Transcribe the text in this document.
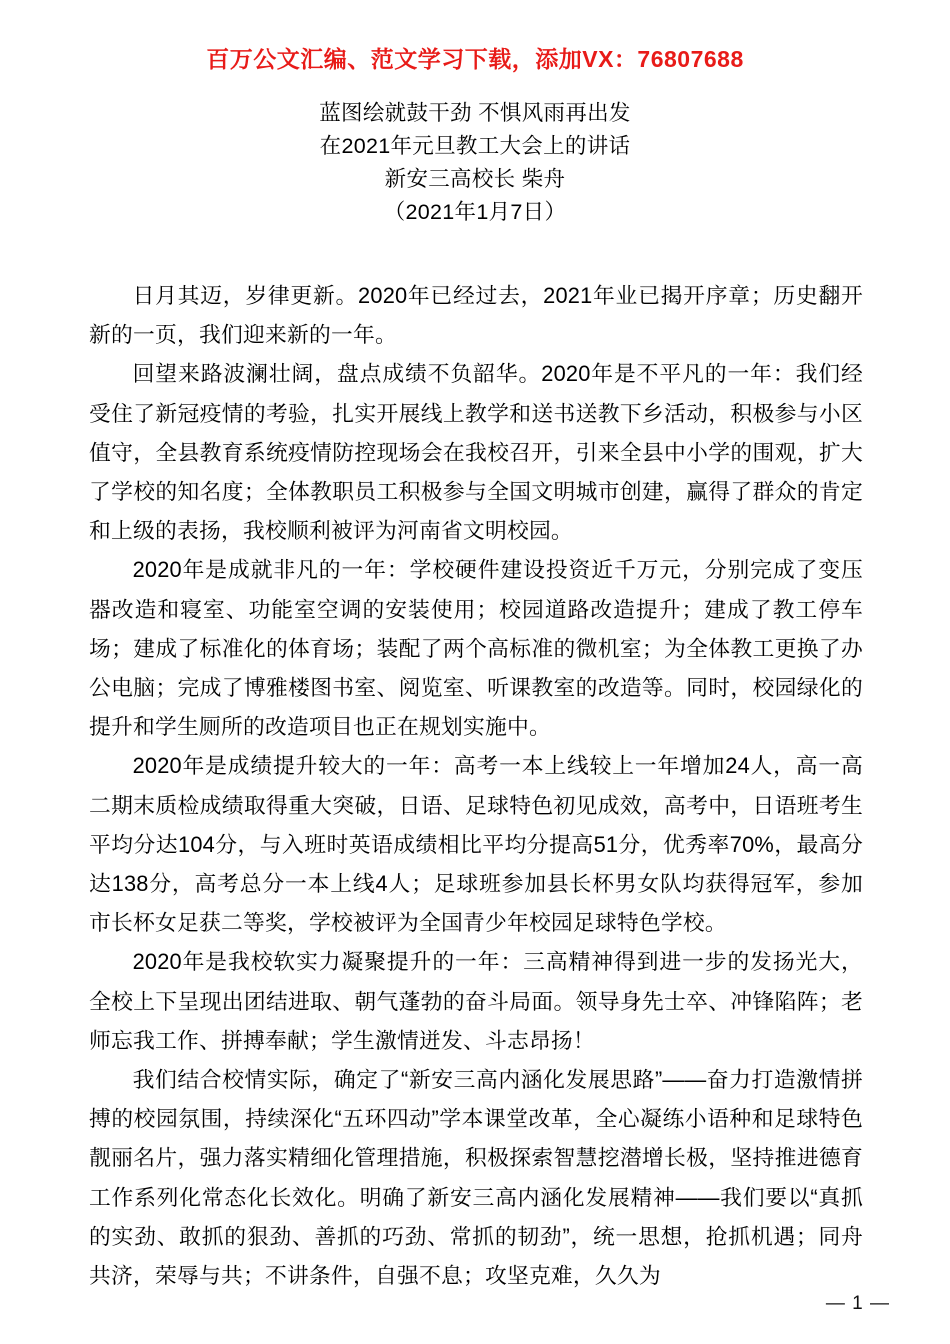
百万公文汇编、范文学习下载，添加VX：76807688
蓝图绘就鼓干劲 不惧风雨再出发
在2021年元旦教工大会上的讲话
新安三高校长 柴舟
（2021年1月7日）

日月其迈，岁律更新。2020年已经过去，2021年业已揭开序章；历史翻开新的一页，我们迎来新的一年。

回望来路波澜壮阔，盘点成绩不负韶华。2020年是不平凡的一年：我们经受住了新冠疫情的考验，扎实开展线上教学和送书送教下乡活动，积极参与小区值守，全县教育系统疫情防控现场会在我校召开，引来全县中小学的围观，扩大了学校的知名度；全体教职员工积极参与全国文明城市创建，赢得了群众的肯定和上级的表扬，我校顺利被评为河南省文明校园。

2020年是成就非凡的一年：学校硬件建设投资近千万元，分别完成了变压器改造和寝室、功能室空调的安装使用；校园道路改造提升；建成了教工停车场；建成了标准化的体育场；装配了两个高标准的微机室；为全体教工更换了办公电脑；完成了博雅楼图书室、阅览室、听课教室的改造等。同时，校园绿化的提升和学生厕所的改造项目也正在规划实施中。

2020年是成绩提升较大的一年：高考一本上线较上一年增加24人，高一高二期末质检成绩取得重大突破，日语、足球特色初见成效，高考中，日语班考生平均分达104分，与入班时英语成绩相比平均分提高51分，优秀率70%，最高分达138分，高考总分一本上线4人；足球班参加县长杯男女队均获得冠军，参加市长杯女足获二等奖，学校被评为全国青少年校园足球特色学校。

2020年是我校软实力凝聚提升的一年：三高精神得到进一步的发扬光大，全校上下呈现出团结进取、朝气蓬勃的奋斗局面。领导身先士卒、冲锋陷阵；老师忘我工作、拼搏奉献；学生激情迸发、斗志昂扬！

我们结合校情实际，确定了“新安三高内涵化发展思路”——奋力打造激情拼搏的校园氛围，持续深化“五环四动”学本课堂改革，全心凝练小语种和足球特色靓丽名片，强力落实精细化管理措施，积极探索智慧挖潜增长极，坚持推进德育工作系列化常态化长效化。明确了新安三高内涵化发展精神——我们要以“真抓的实劲、敢抓的狠劲、善抓的巧劲、常抓的韧劲”，统一思想，抢抓机遇；同舟共济，荣辱与共；不讲条件，自强不息；攻坚克难，久久为

— 1 —
